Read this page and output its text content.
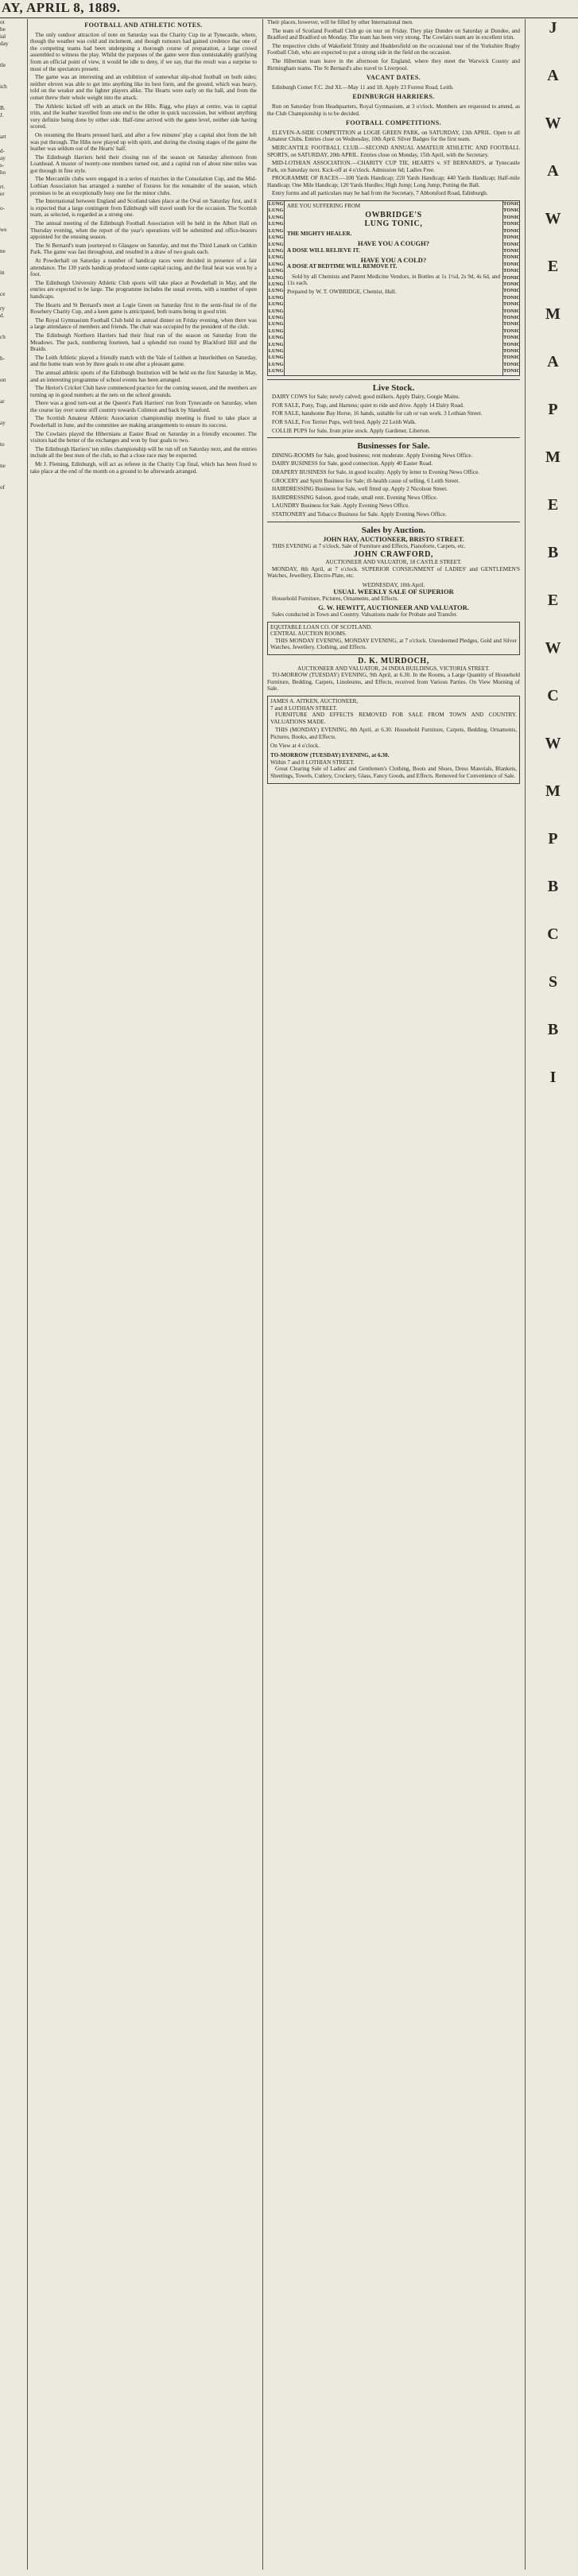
AY, APRIL 8, 1889.
ot
be
ial
day
tle
ich
B.
J.
art
d-
ay
s-
ho
rt.
er
o-
we
ne
in
ce
ry
d.
ch
h-
on
ar
ay
to
ne
of
FOOTBALL AND ATHLETIC NOTES.

The only outdoor attraction of note on Saturday was the Charity Cup tie at Tynecastle, where, though the weather was cold and inclement, and though rumours had gained credence that one of the competing teams had been undergoing a thorough course of preparation, a large crowd assembled to witness the play. Whilst the purposes of the game were thus unmistakably gratifying from an official point of view, it would be idle to deny, if we say, that the result was a surprise to most of the spectators present.

The game was an interesting and an exhibition of somewhat slip-shod football on both sides; neither eleven was able to get into anything like its best form, and the ground, which was heavy, told on the weaker and the lighter players alike. The Hearts were early on the ball, and from the outset threw their whole weight into the attack.

The Athletic kicked off with an attack on the Hibs. Rigg, who plays at centre, was in capital trim, and the leather travelled from one end to the other in quick succession, but without anything very definite being done by either side. Half-time arrived with the game level, neither side having scored.

On resuming the Hearts pressed hard, and after a few minutes' play a capital shot from the left was put through. The Hibs now played up with spirit, and during the closing stages of the game the leather was seldom out of the Hearts' half.

The Edinburgh Harriers held their closing run of the season on Saturday afternoon from Loanhead. A muster of twenty-one members turned out, and a capital run of about nine miles was got through in fine style.

The Mercantile clubs were engaged in a series of matches in the Consolation Cup, and the Mid-Lothian Association has arranged a number of fixtures for the remainder of the season, which promises to be an exceptionally busy one for the minor clubs.

The International between England and Scotland takes place at the Oval on Saturday first, and it is expected that a large contingent from Edinburgh will travel south for the occasion. The Scottish team, as selected, is regarded as a strong one.

The annual meeting of the Edinburgh Football Association will be held in the Albert Hall on Thursday evening, when the report of the year's operations will be submitted and office-bearers appointed for the ensuing season.

The St Bernard's team journeyed to Glasgow on Saturday, and met the Third Lanark on Cathkin Park. The game was fast throughout, and resulted in a draw of two goals each.

At Powderhall on Saturday a number of handicap races were decided in presence of a fair attendance. The 130 yards handicap produced some capital racing, and the final heat was won by a foot.

The Edinburgh University Athletic Club sports will take place at Powderhall in May, and the entries are expected to be large. The programme includes the usual events, with a number of open handicaps.

The Hearts and St Bernard's meet at Logie Green on Saturday first in the semi-final tie of the Rosebery Charity Cup, and a keen game is anticipated, both teams being in good trim.

The Royal Gymnasium Football Club held its annual dinner on Friday evening, when there was a large attendance of members and friends. The chair was occupied by the president of the club.

The Edinburgh Northern Harriers had their final run of the season on Saturday from the Meadows. The pack, numbering fourteen, had a splendid run round by Blackford Hill and the Braids.

The Leith Athletic played a friendly match with the Vale of Leithen at Innerleithen on Saturday, and the home team won by three goals to one after a pleasant game.

The annual athletic sports of the Edinburgh Institution will be held on the first Saturday in May, and an interesting programme of school events has been arranged.

The Heriot's Cricket Club have commenced practice for the coming season, and the members are turning up in good numbers at the nets on the school grounds.

There was a good turn-out at the Queen's Park Harriers' run from Tynecastle on Saturday, when the course lay over some stiff country towards Colinton and back by Slateford.

The Scottish Amateur Athletic Association championship meeting is fixed to take place at Powderhall in June, and the committee are making arrangements to ensure its success.

The Cowlairs played the Hibernians at Easter Road on Saturday in a friendly encounter. The visitors had the better of the exchanges and won by four goals to two.

The Edinburgh Harriers' ten miles championship will be run off on Saturday next, and the entries include all the best men of the club, so that a close race may be expected.

Mr J. Fleming, Edinburgh, will act as referee in the Charity Cup final, which has been fixed to take place at the end of the month on a ground to be afterwards arranged.

Their places, however, will be filled by other International men.

The team of Scotland Football Club go on tour on Friday. They play Dundee on Saturday at Dundee, and Bradford and Bradford on Monday. The team has been very strong. The Cowlairs team are in excellent trim.

The respective clubs of Wakefield Trinity and Huddersfield on the occasional tour of the Yorkshire Rugby Football Club, who are expected to put a strong side in the field on the occasion.

The Hibernian team leave in the afternoon for England, where they meet the Warwick County and Birmingham teams. The St Bernard's also travel to Liverpool.

VACANT DATES.
Edinburgh Comet F.C. 2nd XI.—May 11 and 18. Apply 23 Forrest Road, Leith.
EDINBURGH HARRIERS.
Run on Saturday from Headquarters, Royal Gymnasium, at 3 o'clock. Members are requested to attend, as the Club Championship is to be decided.
FOOTBALL COMPETITIONS.

ELEVEN-A-SIDE COMPETITION at LOGIE GREEN PARK, on SATURDAY, 13th APRIL. Open to all Amateur Clubs. Entries close on Wednesday, 10th April. Silver Badges for the first team.

MERCANTILE FOOTBALL CLUB.—SECOND ANNUAL AMATEUR ATHLETIC AND FOOTBALL SPORTS, on SATURDAY, 20th APRIL. Entries close on Monday, 15th April, with the Secretary.

MID-LOTHIAN ASSOCIATION.—CHARITY CUP TIE, HEARTS v. ST BERNARD'S, at Tynecastle Park, on Saturday next. Kick-off at 4 o'clock. Admission 6d; Ladies Free.

PROGRAMME OF RACES.—100 Yards Handicap; 220 Yards Handicap; 440 Yards Handicap; Half-mile Handicap; One Mile Handicap; 120 Yards Hurdles; High Jump; Long Jump; Putting the Ball.

Entry forms and all particulars may be had from the Secretary, 7 Abbotsford Road, Edinburgh.

LUNG
LUNG
LUNG
LUNG
LUNG
LUNG
LUNG
LUNG
LUNG
LUNG
LUNG
LUNG
LUNG
LUNG
LUNG
LUNG
LUNG
LUNG
LUNG
LUNG
LUNG
LUNG
LUNG
LUNG
LUNG
LUNG
ARE YOU SUFFERING FROM
OWBRIDGE'S
LUNG TONIC,
THE MIGHTY HEALER.
HAVE YOU A COUGH?
A DOSE WILL RELIEVE IT.
HAVE YOU A COLD?
A DOSE AT BEDTIME WILL REMOVE IT.
Sold by all Chemists and Patent Medicine Vendors, in Bottles at 1s 1½d, 2s 9d, 4s 6d, and 11s each.
Prepared by W. T. OWBRIDGE, Chemist, Hull.
TONIC
TONIC
TONIC
TONIC
TONIC
TONIC
TONIC
TONIC
TONIC
TONIC
TONIC
TONIC
TONIC
TONIC
TONIC
TONIC
TONIC
TONIC
TONIC
TONIC
TONIC
TONIC
TONIC
TONIC
TONIC
TONIC
Live Stock.

DAIRY COWS for Sale; newly calved; good milkers. Apply Dairy, Gorgie Mains.

FOR SALE, Pony, Trap, and Harness; quiet to ride and drive. Apply 14 Dalry Road.

FOR SALE, handsome Bay Horse, 16 hands, suitable for cab or van work. 3 Lothian Street.

FOR SALE, Fox Terrier Pups, well bred. Apply 22 Leith Walk.

COLLIE PUPS for Sale, from prize stock. Apply Gardener, Liberton.

Businesses for Sale.

DINING-ROOMS for Sale, good business; rent moderate. Apply Evening News Office.

DAIRY BUSINESS for Sale, good connection. Apply 40 Easter Road.

DRAPERY BUSINESS for Sale, in good locality. Apply by letter to Evening News Office.

GROCERY and Spirit Business for Sale; ill-health cause of selling. 6 Leith Street.

HAIRDRESSING Business for Sale, well fitted up. Apply 2 Nicolson Street.

HAIRDRESSING Saloon, good trade, small rent. Evening News Office.

LAUNDRY Business for Sale. Apply Evening News Office.

STATIONERY and Tobacco Business for Sale. Apply Evening News Office.

Sales by Auction.
JOHN HAY, AUCTIONEER, BRISTO STREET.
THIS EVENING at 7 o'clock. Sale of Furniture and Effects, Pianoforte, Carpets, etc.
JOHN CRAWFORD,
AUCTIONEER AND VALUATOR, 18 CASTLE STREET.
MONDAY, 8th April, at 7 o'clock. SUPERIOR CONSIGNMENT of LADIES' and GENTLEMEN'S Watches, Jewellery, Electro-Plate, etc.
WEDNESDAY, 10th April.
USUAL WEEKLY SALE OF SUPERIOR
Household Furniture, Pictures, Ornaments, and Effects.
G. W. HEWITT, AUCTIONEER AND VALUATOR.
Sales conducted in Town and Country. Valuations made for Probate and Transfer.
EQUITABLE LOAN CO. OF SCOTLAND.
CENTRAL AUCTION ROOMS.
THIS MONDAY EVENING, MONDAY EVENING, at 7 o'clock. Unredeemed Pledges, Gold and Silver Watches, Jewellery, Clothing, and Effects.
D. K. MURDOCH,
AUCTIONEER AND VALUATOR, 24 INDIA BUILDINGS, VICTORIA STREET.
TO-MORROW (TUESDAY) EVENING, 9th April, at 6.30. In the Rooms, a Large Quantity of Household Furniture, Bedding, Carpets, Linoleums, and Effects, received from Various Parties. On View Morning of Sale.
JAMES A. AITKEN, AUCTIONEER,
7 and 8 LOTHIAN STREET.
FURNITURE AND EFFECTS REMOVED FOR SALE FROM TOWN AND COUNTRY. VALUATIONS MADE.
THIS (MONDAY) EVENING, 8th April, at 6.30. Household Furniture, Carpets, Bedding, Ornaments, Pictures, Books, and Effects.
On View at 4 o'clock.
TO-MORROW (TUESDAY) EVENING, at 6.30.
Within 7 and 8 LOTHIAN STREET.
Great Clearing Sale of Ladies' and Gentlemen's Clothing, Boots and Shoes, Dress Materials, Blankets, Sheetings, Towels, Cutlery, Crockery, Glass, Fancy Goods, and Effects. Removed for Convenience of Sale.
J
A
W
A
W
E
M
A
P
M
E
B
E
W
C
W
M
P
B
C
S
B
I
